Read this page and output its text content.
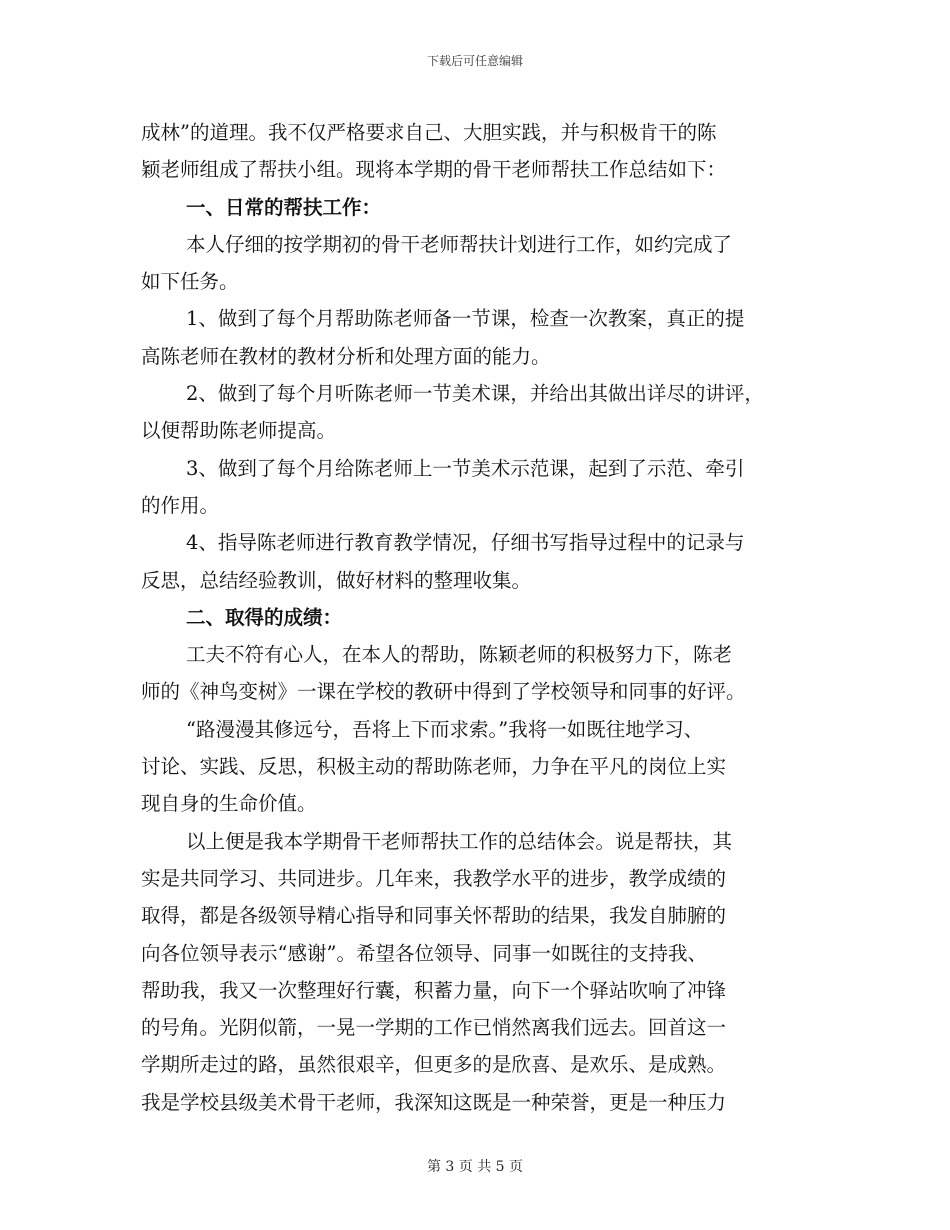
下载后可任意编辑
成林”的道理。我不仅严格要求自己、大胆实践，并与积极肯干的陈
颖老师组成了帮扶小组。现将本学期的骨干老师帮扶工作总结如下：
一、日常的帮扶工作：
本人仔细的按学期初的骨干老师帮扶计划进行工作，如约完成了
如下任务。
1、做到了每个月帮助陈老师备一节课，检查一次教案，真正的提
高陈老师在教材的教材分析和处理方面的能力。
2、做到了每个月听陈老师一节美术课，并给出其做出详尽的讲评，
以便帮助陈老师提高。
3、做到了每个月给陈老师上一节美术示范课，起到了示范、牵引
的作用。
4、指导陈老师进行教育教学情况，仔细书写指导过程中的记录与
反思，总结经验教训，做好材料的整理收集。
二、取得的成绩：
工夫不符有心人，在本人的帮助，陈颖老师的积极努力下，陈老
师的《神鸟变树》一课在学校的教研中得到了学校领导和同事的好评。
“路漫漫其修远兮，吾将上下而求索。”我将一如既往地学习、
讨论、实践、反思，积极主动的帮助陈老师，力争在平凡的岗位上实
现自身的生命价值。
以上便是我本学期骨干老师帮扶工作的总结体会。说是帮扶，其
实是共同学习、共同进步。几年来，我教学水平的进步，教学成绩的
取得，都是各级领导精心指导和同事关怀帮助的结果，我发自肺腑的
向各位领导表示“感谢”。希望各位领导、同事一如既往的支持我、
帮助我，我又一次整理好行囊，积蓄力量，向下一个驿站吹响了冲锋
的号角。光阴似箭，一晃一学期的工作已悄然离我们远去。回首这一
学期所走过的路，虽然很艰辛，但更多的是欣喜、是欢乐、是成熟。
我是学校县级美术骨干老师，我深知这既是一种荣誉，更是一种压力
第 3 页 共 5 页
